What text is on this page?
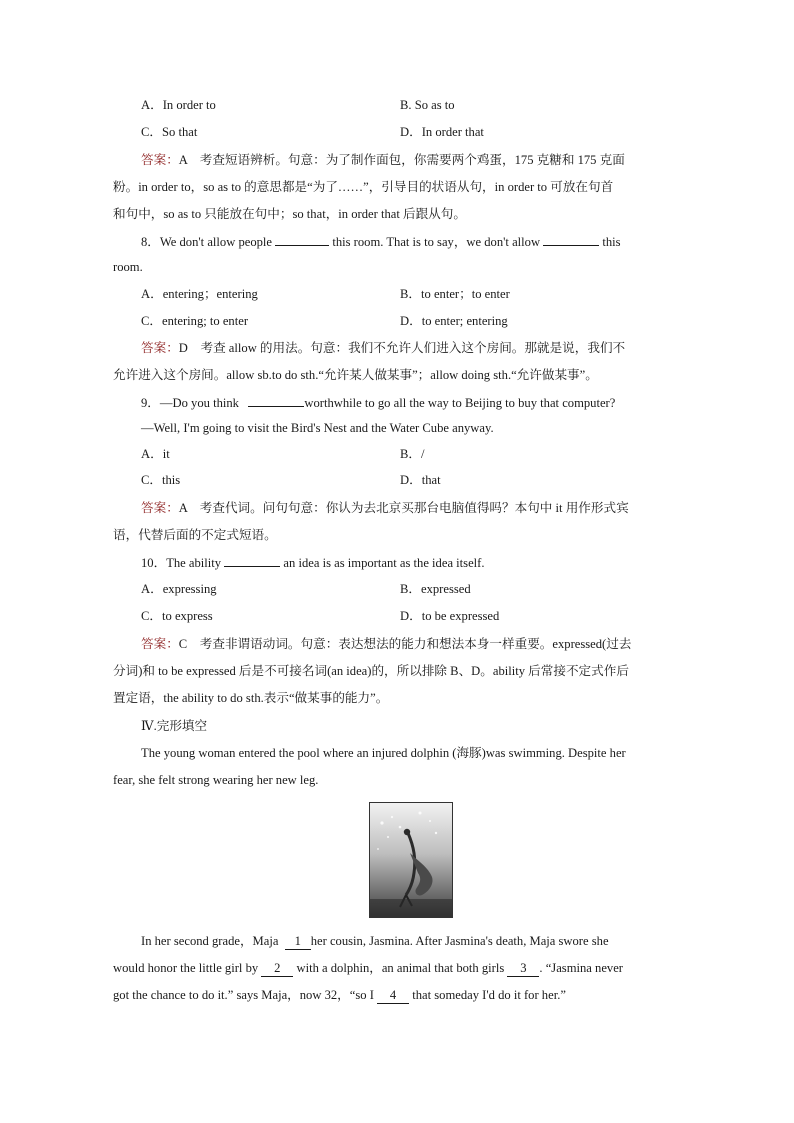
A．In order to	B. So as to
C．So that	D．In order that
答案：A　考查短语辨析。句意：为了制作面包，你需要两个鸡蛋，175 克糖和 175 克面
粉。in order to，so as to 的意思都是“为了……”，引导目的状语从句，in order to 可放在句首
和句中，so as to 只能放在句中；so that，in order that 后跟从句。
8．We don't allow people	this room. That is to say，we don't allow	this
room.
A．entering；entering	B．to enter；to enter
C．entering; to enter	D．to enter; entering
答案：D　考查 allow 的用法。句意：我们不允许人们进入这个房间。那就是说，我们不
允许进入这个房间。allow sb.to do sth.“允许某人做某事”；allow doing sth.“允许做某事”。
9．—Do you think	worthwhile to go all the way to Beijing to buy that computer?
—Well, I'm going to visit the Bird's Nest and the Water Cube anyway.
A．it	B．/
C．this	D．that
答案：A　考查代词。问句句意：你认为去北京买那台电脑值得吗？本句中 it 用作形式宾
语，代替后面的不定式短语。
10．The ability	an idea is as important as the idea itself.
A．expressing	B．expressed
C．to express	D．to be expressed
答案：C　考查非谓语动词。句意：表达想法的能力和想法本身一样重要。expressed(过去
分词)和 to be expressed 后是不可接名词(an idea)的，所以排除 B、D。ability 后常接不定式作后
置定语，the ability to do sth.表示“做某事的能力”。
Ⅳ.完形填空
The young woman entered the pool where an injured dolphin (海豚)was swimming. Despite her
fear, she felt strong wearing her new leg.
In her second grade，Maja 1 her cousin, Jasmina. After Jasmina's death, Maja swore she
would honor the little girl by 2 with a dolphin，an animal that both girls 3 . “Jasmina never
got the chance to do it.” says Maja，now 32，“so I 4 that someday I'd do it for her.”
